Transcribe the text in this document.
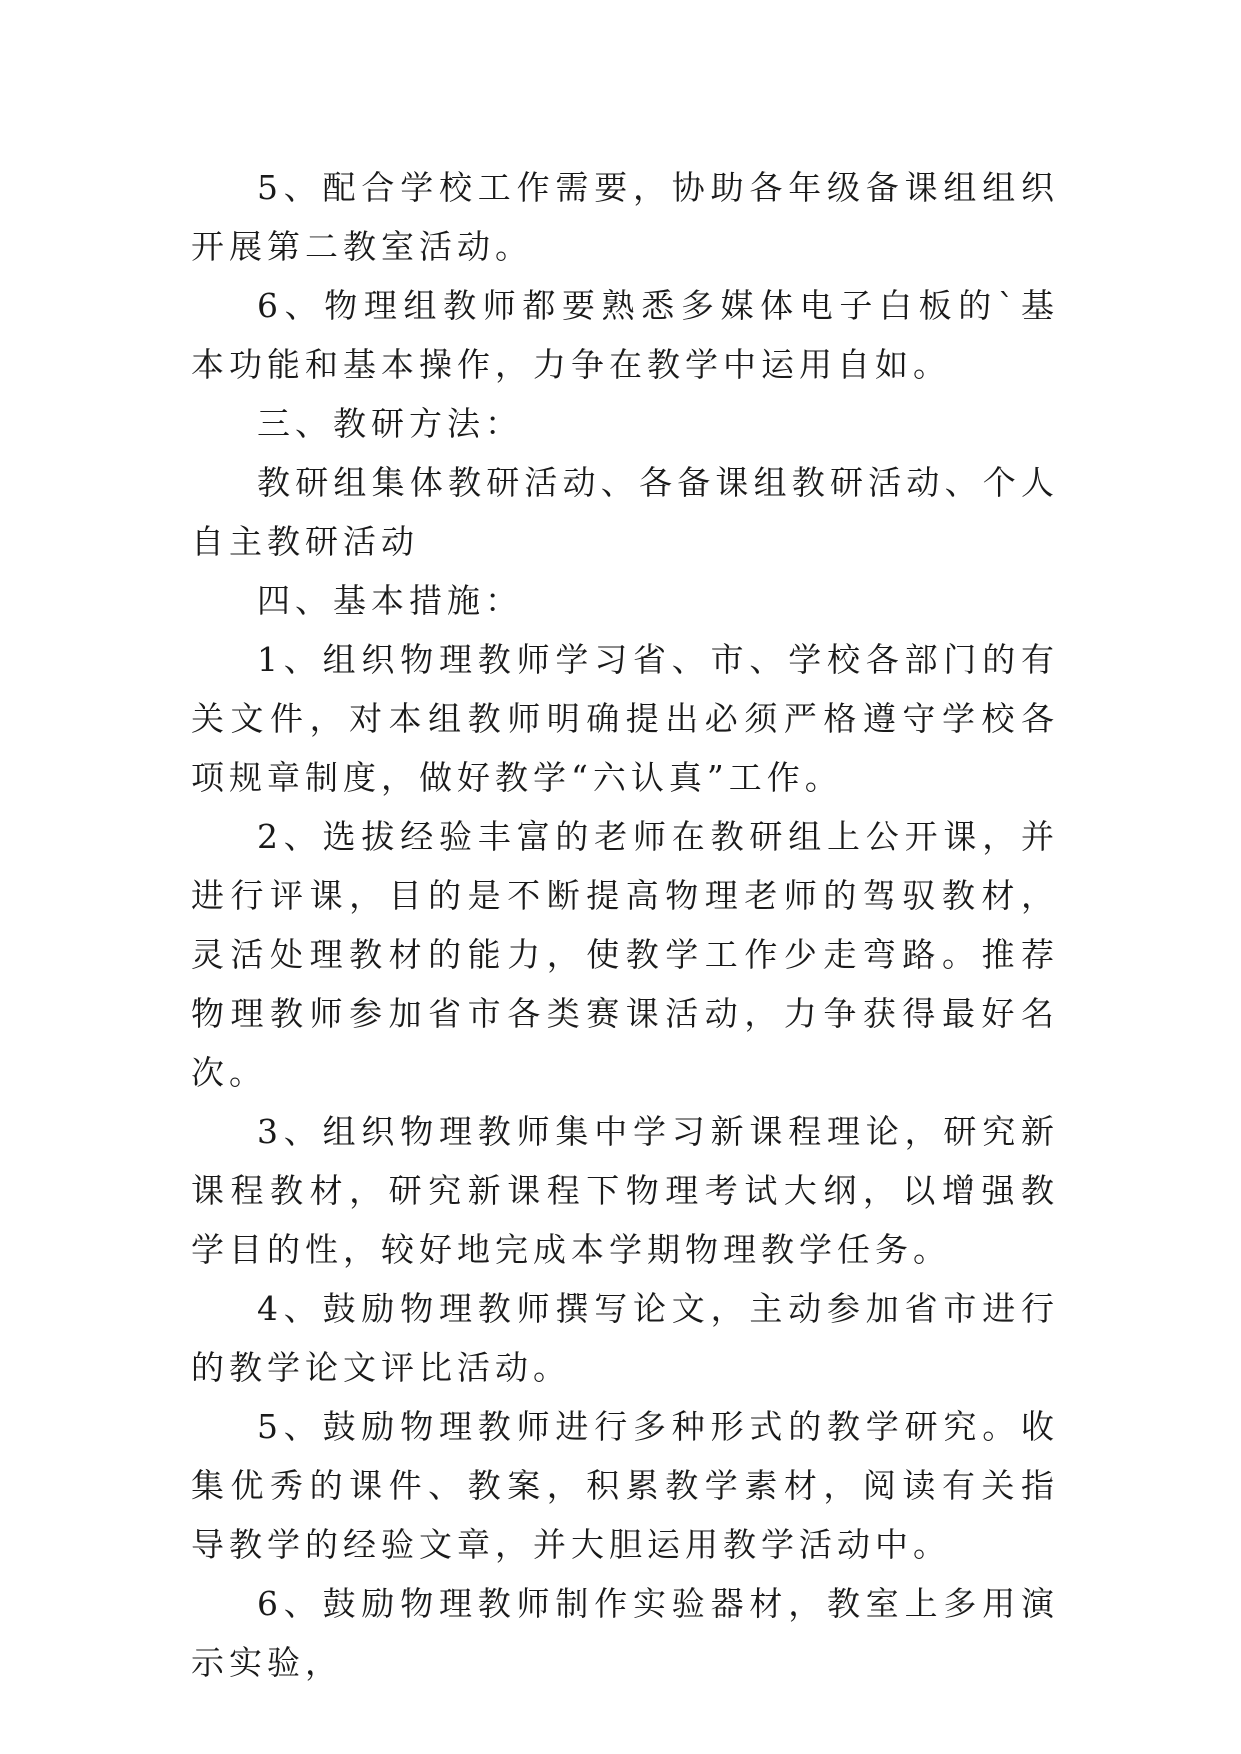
5、配合学校工作需要，协助各年级备课组组织开展第二教室活动。

6、物理组教师都要熟悉多媒体电子白板的`基本功能和基本操作，力争在教学中运用自如。

三、教研方法：

教研组集体教研活动、各备课组教研活动、个人自主教研活动

四、基本措施：

1、组织物理教师学习省、市、学校各部门的有关文件，对本组教师明确提出必须严格遵守学校各项规章制度，做好教学“六认真”工作。

2、选拔经验丰富的老师在教研组上公开课，并进行评课，目的是不断提高物理老师的驾驭教材，灵活处理教材的能力，使教学工作少走弯路。推荐物理教师参加省市各类赛课活动，力争获得最好名次。

3、组织物理教师集中学习新课程理论，研究新课程教材，研究新课程下物理考试大纲，以增强教学目的性，较好地完成本学期物理教学任务。

4、鼓励物理教师撰写论文，主动参加省市进行的教学论文评比活动。

5、鼓励物理教师进行多种形式的教学研究。收集优秀的课件、教案，积累教学素材，阅读有关指导教学的经验文章，并大胆运用教学活动中。

6、鼓励物理教师制作实验器材，教室上多用演示实验，
